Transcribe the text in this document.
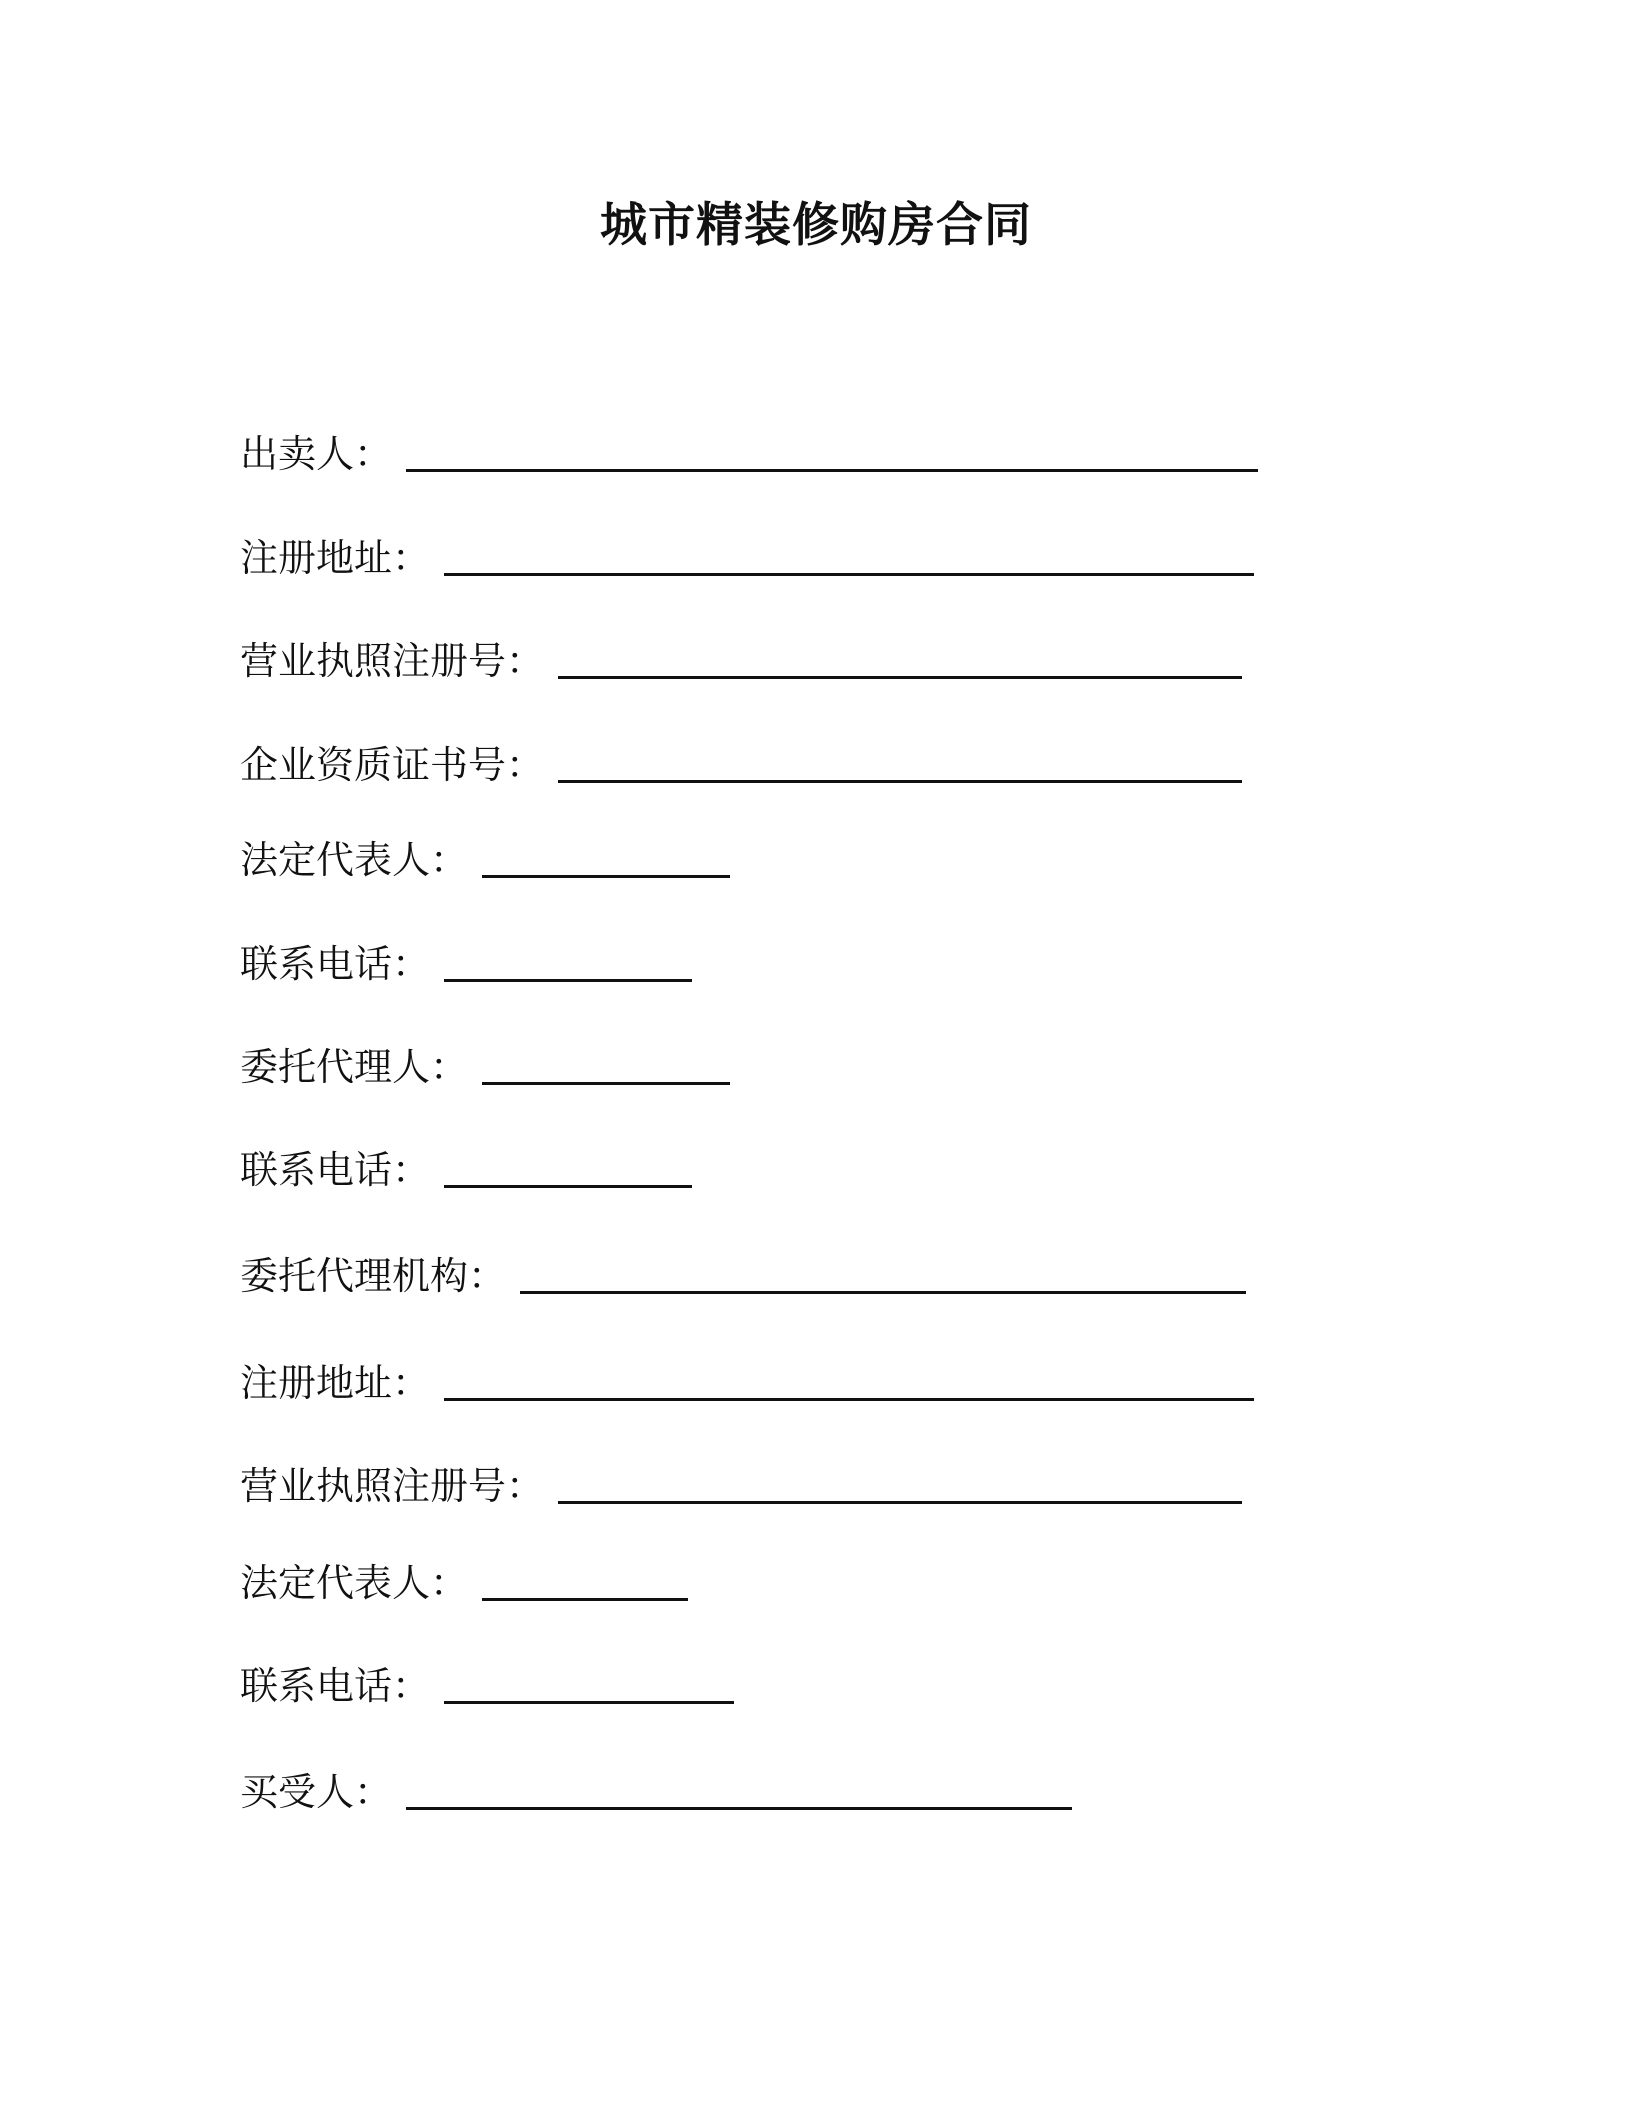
城市精装修购房合同
出卖人：
注册地址：
营业执照注册号：
企业资质证书号：
法定代表人：
联系电话：
委托代理人：
联系电话：
委托代理机构：
注册地址：
营业执照注册号：
法定代表人：
联系电话：
买受人：
